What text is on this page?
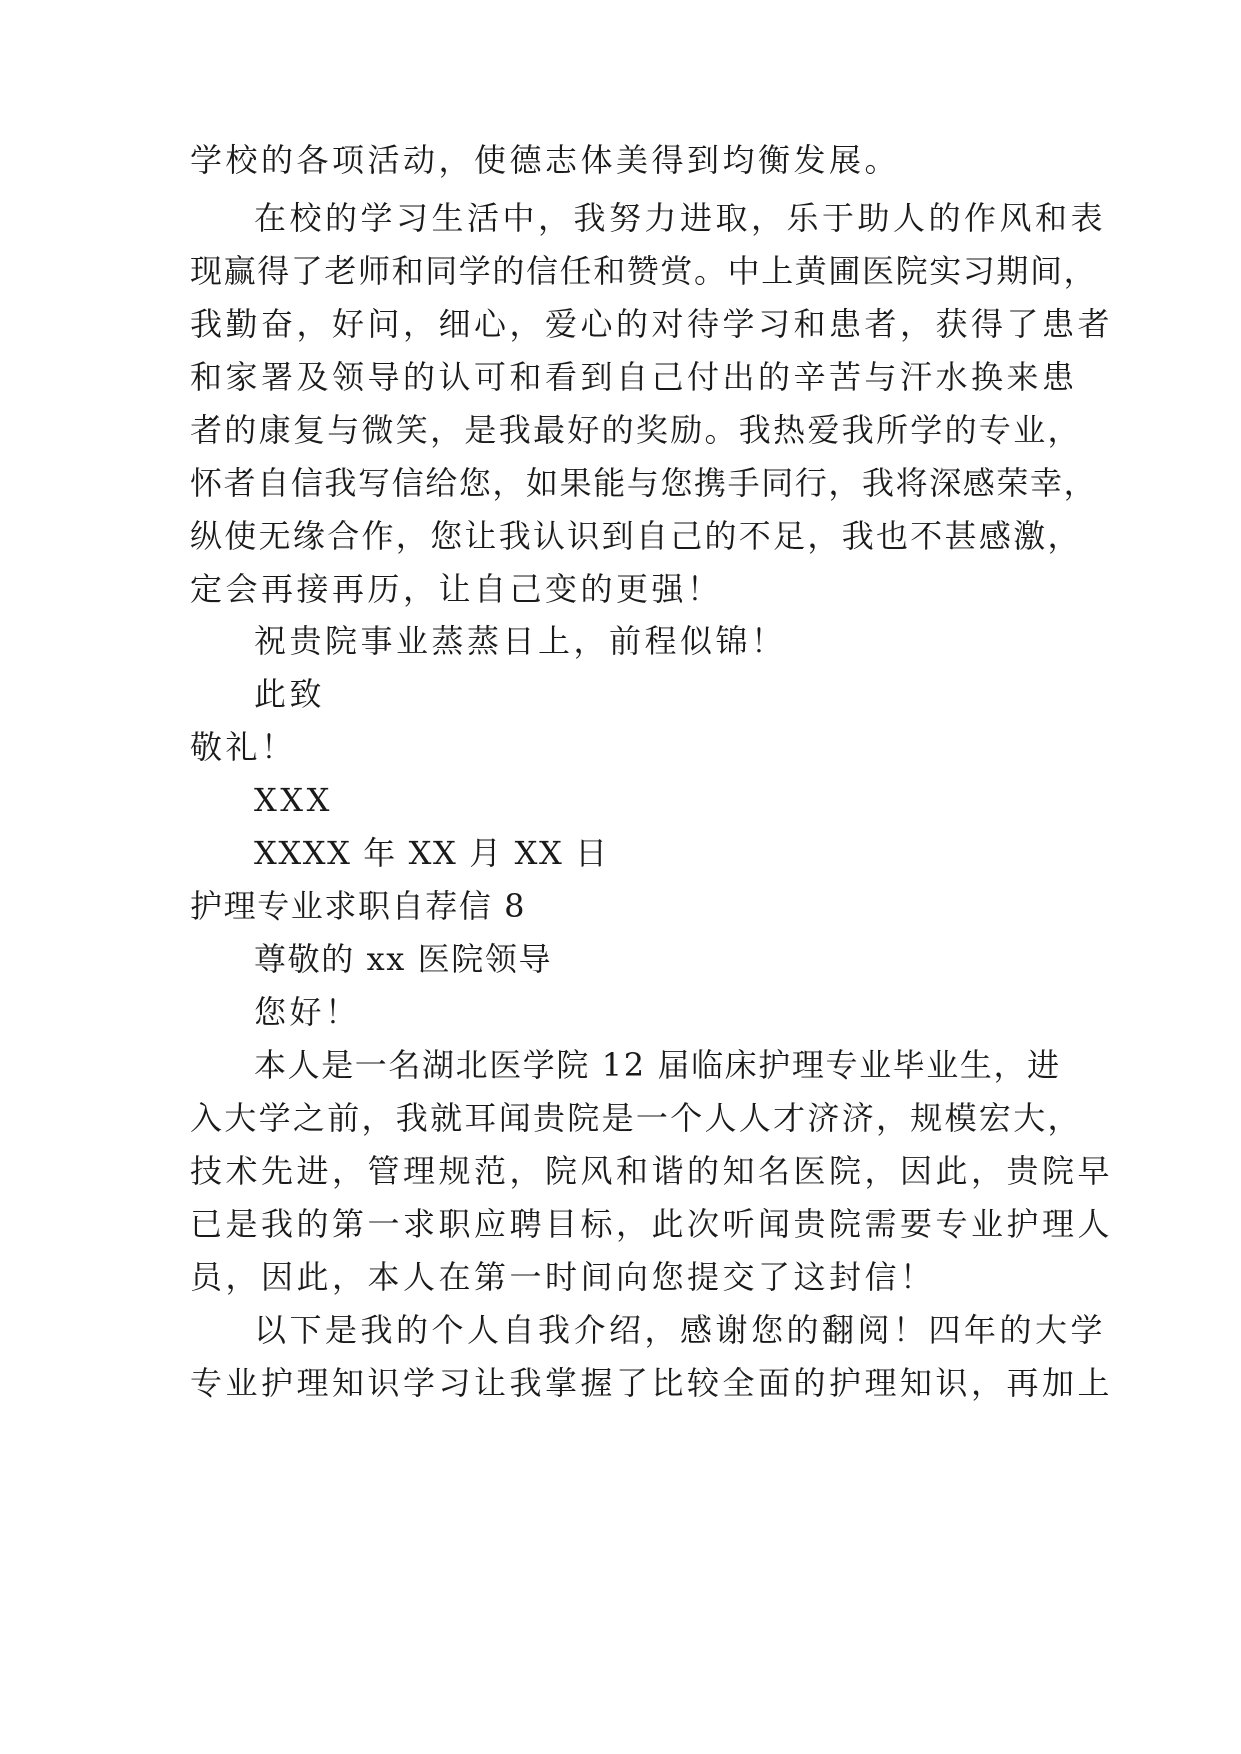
学校的各项活动，使德志体美得到均衡发展。
在校的学习生活中，我努力进取，乐于助人的作风和表
现赢得了老师和同学的信任和赞赏。中上黄圃医院实习期间，
我勤奋，好问，细心，爱心的对待学习和患者，获得了患者
和家署及领导的认可和看到自己付出的辛苦与汗水换来患
者的康复与微笑，是我最好的奖励。我热爱我所学的专业，
怀者自信我写信给您，如果能与您携手同行，我将深感荣幸，
纵使无缘合作，您让我认识到自己的不足，我也不甚感激，
定会再接再历，让自己变的更强！
祝贵院事业蒸蒸日上，前程似锦！
此致
敬礼！
XXX
XXXX 年 XX 月 XX 日
护理专业求职自荐信 8
尊敬的 xx 医院领导
您好！
本人是一名湖北医学院 12 届临床护理专业毕业生，进
入大学之前，我就耳闻贵院是一个人人才济济，规模宏大，
技术先进，管理规范，院风和谐的知名医院，因此，贵院早
已是我的第一求职应聘目标，此次听闻贵院需要专业护理人
员，因此，本人在第一时间向您提交了这封信！
以下是我的个人自我介绍，感谢您的翻阅！四年的大学
专业护理知识学习让我掌握了比较全面的护理知识，再加上
